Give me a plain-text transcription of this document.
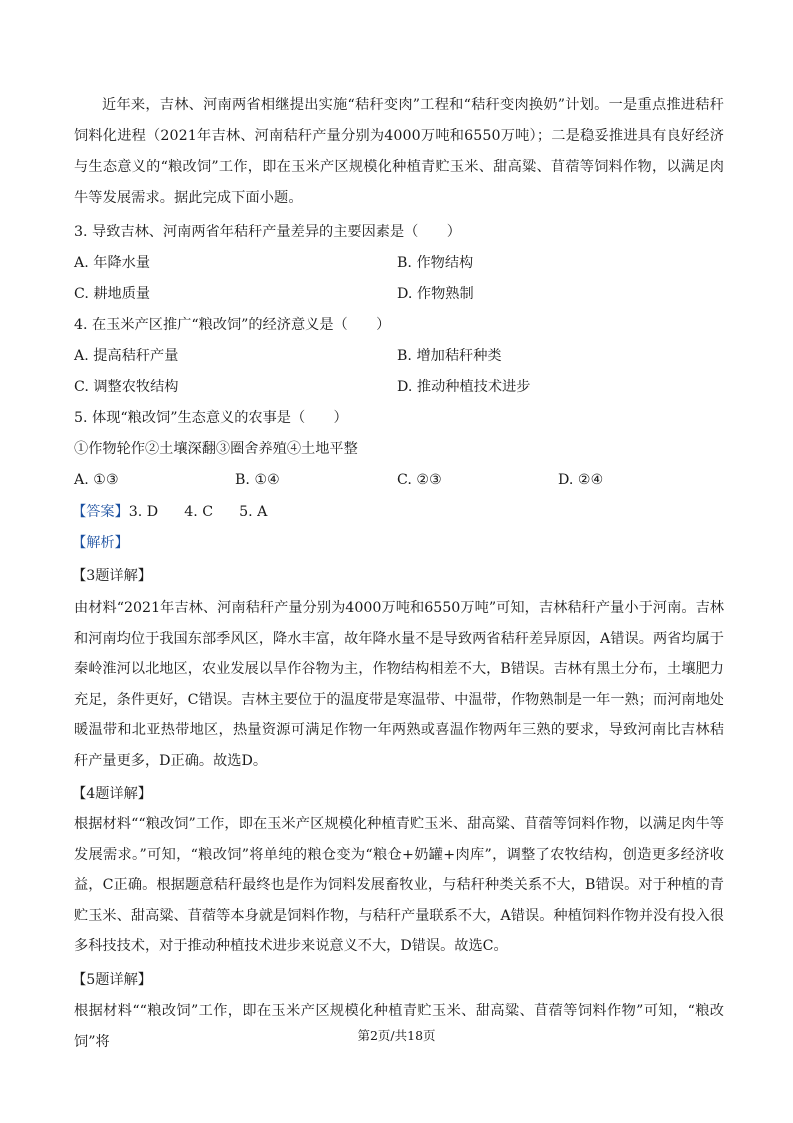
近年来，吉林、河南两省相继提出实施“秸秆变肉”工程和“秸秆变肉换奶”计划。一是重点推进秸秆饲料化进程（2021年吉林、河南秸秆产量分别为4000万吨和6550万吨）；二是稳妥推进具有良好经济与生态意义的“粮改饲”工作，即在玉米产区规模化种植青贮玉米、甜高粱、苜蓿等饲料作物，以满足肉牛等发展需求。据此完成下面小题。

3. 导致吉林、河南两省年秸秆产量差异的主要因素是（　　）
A. 年降水量	B. 作物结构
C. 耕地质量	D. 作物熟制
4. 在玉米产区推广“粮改饲”的经济意义是（　　）
A. 提高秸秆产量	B. 增加秸秆种类
C. 调整农牧结构	D. 推动种植技术进步
5. 体现“粮改饲”生态意义的农事是（　　）
①作物轮作②土壤深翻③圈舍养殖④土地平整
A. ①③	B. ①④	C. ②③	D. ②④
【答案】3. D 4. C 5. A
【解析】
【3题详解】

由材料“2021年吉林、河南秸秆产量分别为4000万吨和6550万吨”可知，吉林秸秆产量小于河南。吉林和河南均位于我国东部季风区，降水丰富，故年降水量不是导致两省秸秆差异原因，A错误。两省均属于秦岭淮河以北地区，农业发展以旱作谷物为主，作物结构相差不大，B错误。吉林有黑土分布，土壤肥力充足，条件更好，C错误。吉林主要位于的温度带是寒温带、中温带，作物熟制是一年一熟；而河南地处暖温带和北亚热带地区，热量资源可满足作物一年两熟或喜温作物两年三熟的要求，导致河南比吉林秸秆产量更多，D正确。故选D。

【4题详解】

根据材料““粮改饲”工作，即在玉米产区规模化种植青贮玉米、甜高粱、苜蓿等饲料作物，以满足肉牛等发展需求。”可知，“粮改饲”将单纯的粮仓变为“粮仓+奶罐+肉库”，调整了农牧结构，创造更多经济收益，C正确。根据题意秸秆最终也是作为饲料发展畜牧业，与秸秆种类关系不大，B错误。对于种植的青贮玉米、甜高粱、苜蓿等本身就是饲料作物，与秸秆产量联系不大，A错误。种植饲料作物并没有投入很多科技技术，对于推动种植技术进步来说意义不大，D错误。故选C。

【5题详解】

根据材料““粮改饲”工作，即在玉米产区规模化种植青贮玉米、甜高粱、苜蓿等饲料作物”可知，“粮改饲”将	第2页/共18页
